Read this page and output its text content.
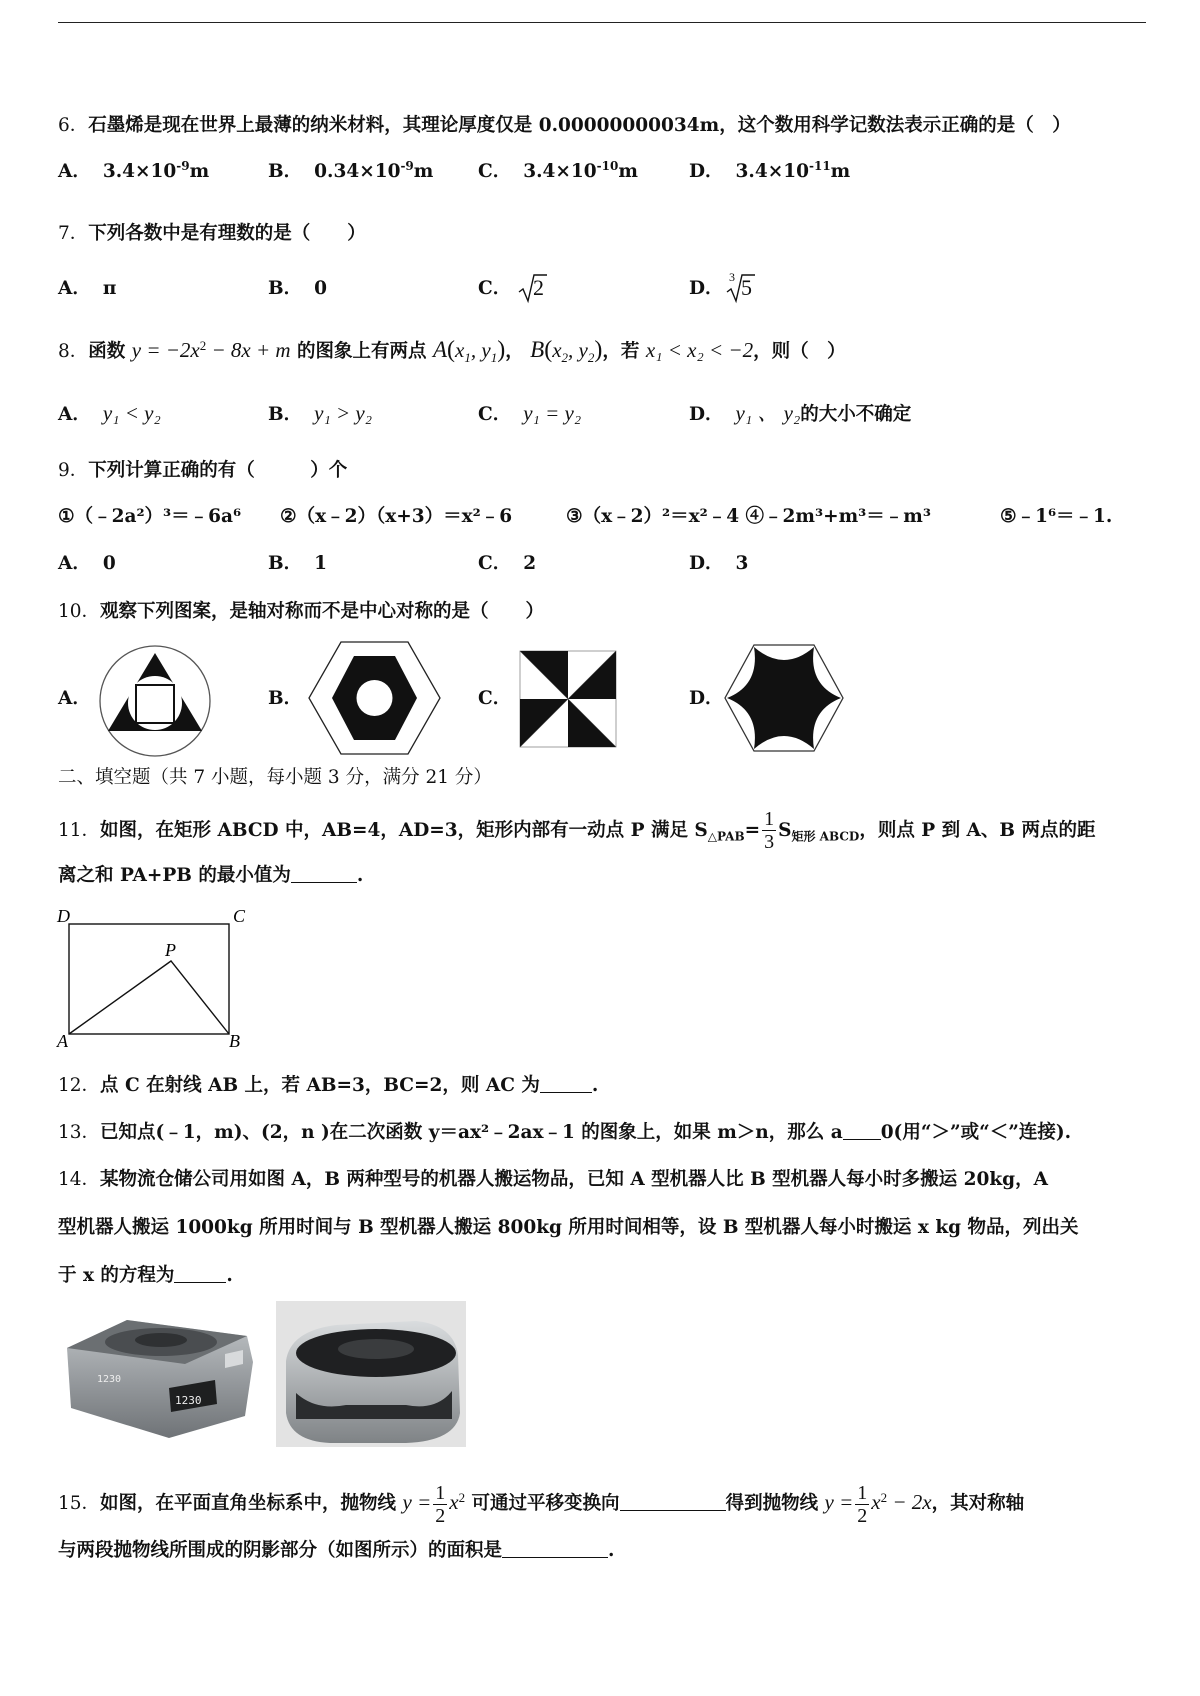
6．石墨烯是现在世界上最薄的纳米材料，其理论厚度仅是 0.00000000034m，这个数用科学记数法表示正确的是（　）
A． $3.4\times 10^{-9}m$	B． $0.34\times 10^{-9}m$ C． $3.4\times 10^{-10}m$	D． $3.4\times 10^{-11}m$
7．下列各数中是有理数的是（　　）
A． π	B． 0	C． 2	D．
3 5
8．函数 $y = -2x^2 - 8x + m$ 的图象上有两点 $A(x_1$, $y_1$)， $B(x_2$, $y_2$)，若 x₁ < x₂ < −2，则（　）
A． y₁ < y₂	B． y₁ > y₂	C． y₁ = y₂	D． y₁ 、 y₂的大小不确定
9．下列计算正确的有（　　　）个
①（﹣2a²）³＝﹣6a⁶ ②（x﹣2）（x+3）＝x²﹣6	③（x﹣2）²＝x²﹣4 ④﹣2m³+m³＝﹣m³	⑤﹣1⁶＝﹣1.
A． 0	B． 1	C． 2	D． 3
10．观察下列图案，是轴对称而不是中心对称的是（　　）
A．	B．	C．	D．
二、填空题（共 7 小题，每小题 3 分，满分 21 分）
11．如图，在矩形 ABCD 中，AB=4，AD=3，矩形内部有一动点 P 满足 $S_{\triangle PAB}= \frac{1}{3} S_{矩形 ABCD}$，则点 P 到 A、B 两点的距
离之和 PA+PB 的最小值为	.
D	C
P
A	B
12．点 C 在射线 AB 上，若 AB=3，BC=2，则 AC 为	.
13．已知点(﹣1，m)、(2，n )在二次函数 y＝ax²﹣2ax﹣1 的图象上，如果 m＞n，那么 a 0(用“＞”或“＜”连接).
14．某物流仓储公司用如图 A，B 两种型号的机器人搬运物品，已知 A 型机器人比 B 型机器人每小时多搬运 20kg，A
型机器人搬运 1000kg 所用时间与 B 型机器人搬运 800kg 所用时间相等，设 B 型机器人每小时搬运 x kg 物品，列出关
于 x 的方程为	.
1230
1230
15．如图，在平面直角坐标系中，抛物线 $y = \frac{1}{2} x^2$ 可通过平移变换向	得到抛物线 $y = \frac{1}{2} x^2 - 2x$，其对称轴
与两段抛物线所围成的阴影部分（如图所示）的面积是	.
